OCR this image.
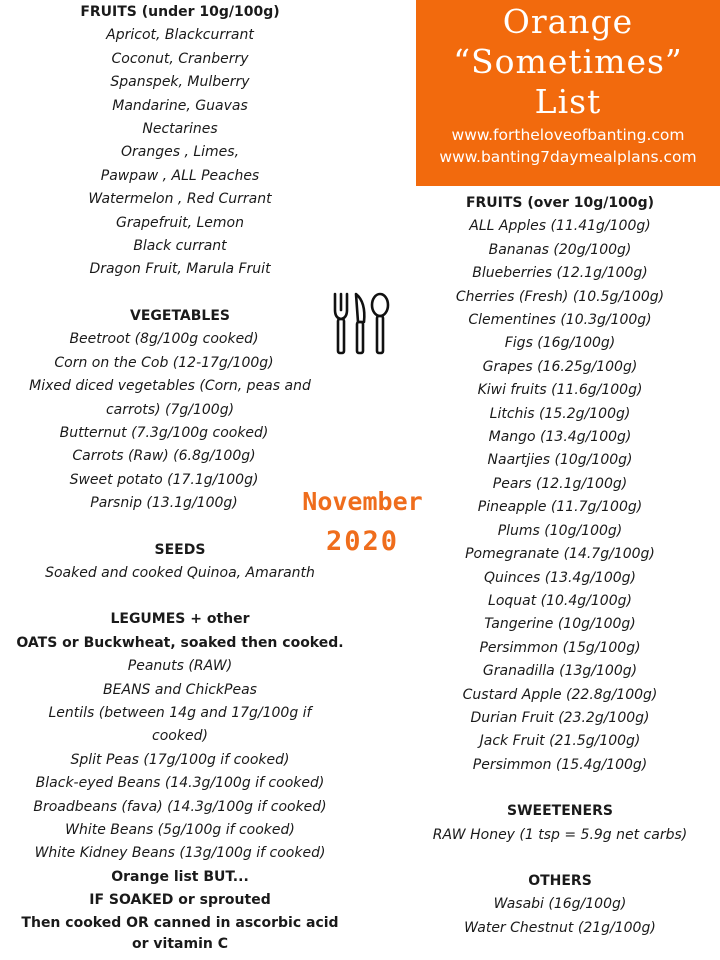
FRUITS (under 10g/100g)
Apricot, Blackcurrant
Coconut, Cranberry
Spanspek, Mulberry
Mandarine, Guavas
Nectarines
Oranges , Limes,
Pawpaw , ALL Peaches
Watermelon , Red Currant
Grapefruit, Lemon
Black currant
Dragon Fruit, Marula Fruit
VEGETABLES
Beetroot (8g/100g cooked)
Corn on the Cob (12-17g/100g)
Mixed diced vegetables (Corn, peas and carrots) (7g/100g)
Butternut (7.3g/100g cooked)
Carrots (Raw) (6.8g/100g)
Sweet potato (17.1g/100g)
Parsnip (13.1g/100g)
SEEDS
Soaked and cooked Quinoa, Amaranth
LEGUMES + other
OATS or Buckwheat, soaked then cooked.
Peanuts (RAW)
BEANS and ChickPeas
Lentils (between 14g and 17g/100g if cooked)
Split Peas (17g/100g if cooked)
Black-eyed Beans (14.3g/100g if cooked)
Broadbeans (fava) (14.3g/100g if cooked)
White Beans (5g/100g if cooked)
White Kidney Beans (13g/100g if cooked)
Orange list BUT...
IF SOAKED or sprouted
Then cooked OR canned in ascorbic acid or vitamin C
Orange
“Sometimes”
List
www.fortheloveofbanting.com
www.banting7daymealplans.com
November
2020
FRUITS (over 10g/100g)
ALL Apples (11.41g/100g)
Bananas (20g/100g)
Blueberries (12.1g/100g)
Cherries (Fresh) (10.5g/100g)
Clementines (10.3g/100g)
Figs (16g/100g)
Grapes (16.25g/100g)
Kiwi fruits (11.6g/100g)
Litchis (15.2g/100g)
Mango (13.4g/100g)
Naartjies (10g/100g)
Pears (12.1g/100g)
Pineapple (11.7g/100g)
Plums (10g/100g)
Pomegranate (14.7g/100g)
Quinces (13.4g/100g)
Loquat (10.4g/100g)
Tangerine (10g/100g)
Persimmon (15g/100g)
Granadilla (13g/100g)
Custard Apple (22.8g/100g)
Durian Fruit (23.2g/100g)
Jack Fruit (21.5g/100g)
Persimmon (15.4g/100g)
SWEETENERS
RAW Honey (1 tsp = 5.9g net carbs)
OTHERS
Wasabi (16g/100g)
Water Chestnut (21g/100g)
